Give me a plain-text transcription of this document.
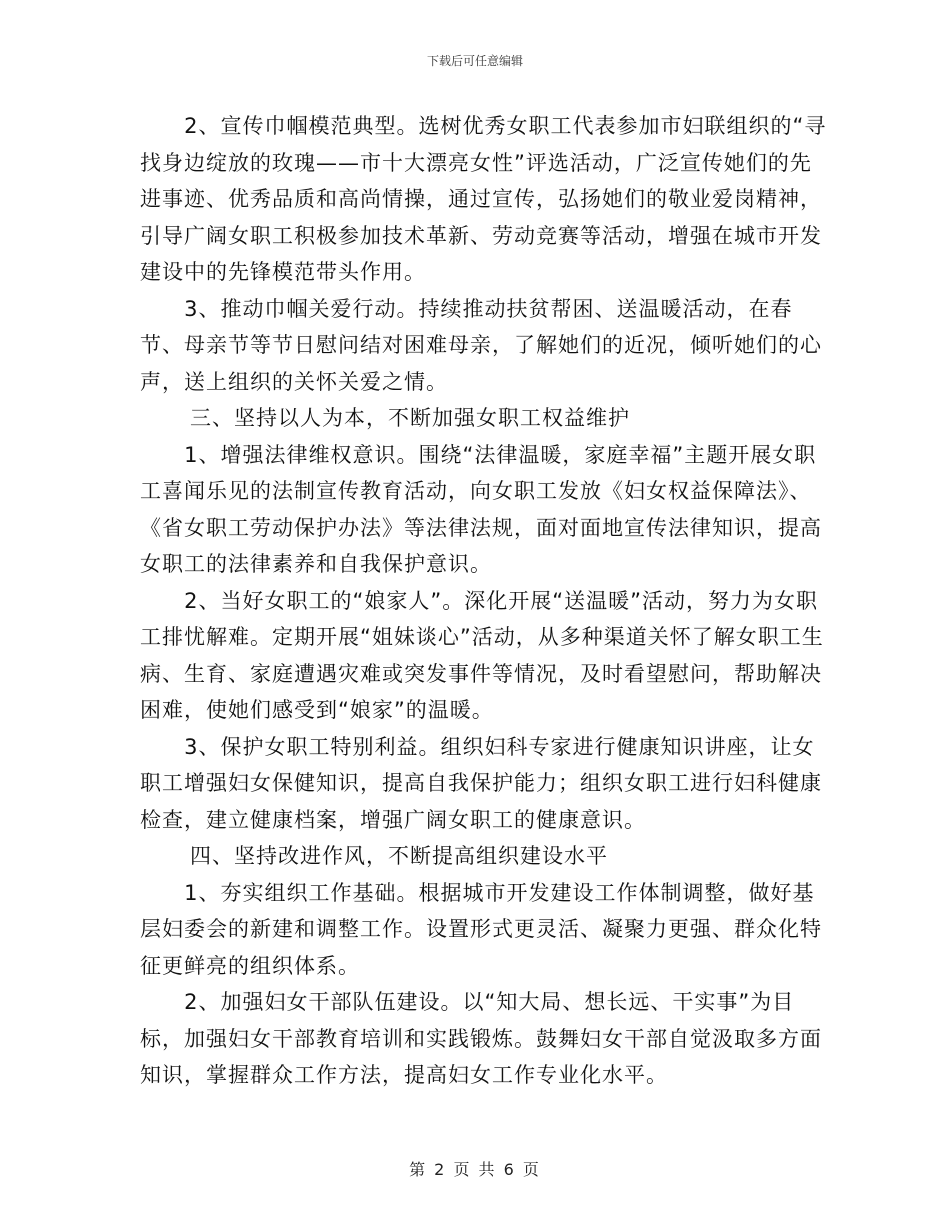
下载后可任意编辑

2、宣传巾帼模范典型。选树优秀女职工代表参加市妇联组织的“寻找身边绽放的玫瑰——市十大漂亮女性”评选活动，广泛宣传她们的先进事迹、优秀品质和高尚情操，通过宣传，弘扬她们的敬业爱岗精神，引导广阔女职工积极参加技术革新、劳动竞赛等活动，增强在城市开发建设中的先锋模范带头作用。

3、推动巾帼关爱行动。持续推动扶贫帮困、送温暖活动，在春节、母亲节等节日慰问结对困难母亲，了解她们的近况，倾听她们的心声，送上组织的关怀关爱之情。

三、坚持以人为本，不断加强女职工权益维护

1、增强法律维权意识。围绕“法律温暖，家庭幸福”主题开展女职工喜闻乐见的法制宣传教育活动，向女职工发放《妇女权益保障法》、《省女职工劳动保护办法》等法律法规，面对面地宣传法律知识，提高女职工的法律素养和自我保护意识。

2、当好女职工的“娘家人”。深化开展“送温暖”活动，努力为女职工排忧解难。定期开展“姐妹谈心”活动，从多种渠道关怀了解女职工生病、生育、家庭遭遇灾难或突发事件等情况，及时看望慰问，帮助解决困难，使她们感受到“娘家”的温暖。

3、保护女职工特别利益。组织妇科专家进行健康知识讲座，让女职工增强妇女保健知识，提高自我保护能力；组织女职工进行妇科健康检查，建立健康档案，增强广阔女职工的健康意识。

四、坚持改进作风，不断提高组织建设水平

1、夯实组织工作基础。根据城市开发建设工作体制调整，做好基层妇委会的新建和调整工作。设置形式更灵活、凝聚力更强、群众化特征更鲜亮的组织体系。

2、加强妇女干部队伍建设。以“知大局、想长远、干实事”为目标，加强妇女干部教育培训和实践锻炼。鼓舞妇女干部自觉汲取多方面知识，掌握群众工作方法，提高妇女工作专业化水平。

第 2 页 共 6 页
